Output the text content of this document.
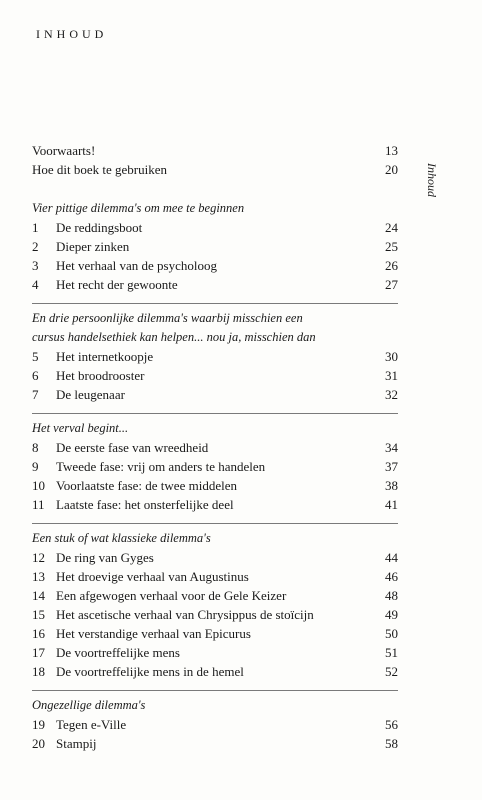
INHOUD
Inhoud
Voorwaarts!	13
Hoe dit boek te gebruiken	20
Vier pittige dilemma's om mee te beginnen
1	De reddingsboot	24
2	Dieper zinken	25
3	Het verhaal van de psycholoog	26
4	Het recht der gewoonte	27
En drie persoonlijke dilemma's waarbij misschien een
cursus handelsethiek kan helpen... nou ja, misschien dan
5	Het internetkoopje	30
6	Het broodrooster	31
7	De leugenaar	32
Het verval begint...
8	De eerste fase van wreedheid	34
9	Tweede fase: vrij om anders te handelen	37
10 Voorlaatste fase: de twee middelen	38
11 Laatste fase: het onsterfelijke deel	41
Een stuk of wat klassieke dilemma's
12 De ring van Gyges	44
13 Het droevige verhaal van Augustinus	46
14 Een afgewogen verhaal voor de Gele Keizer	48
15 Het ascetische verhaal van Chrysippus de stoïcijn	49
16 Het verstandige verhaal van Epicurus	50
17 De voortreffelijke mens	51
18 De voortreffelijke mens in de hemel	52
Ongezellige dilemma's
19 Tegen e-Ville	56
20 Stampij	58
